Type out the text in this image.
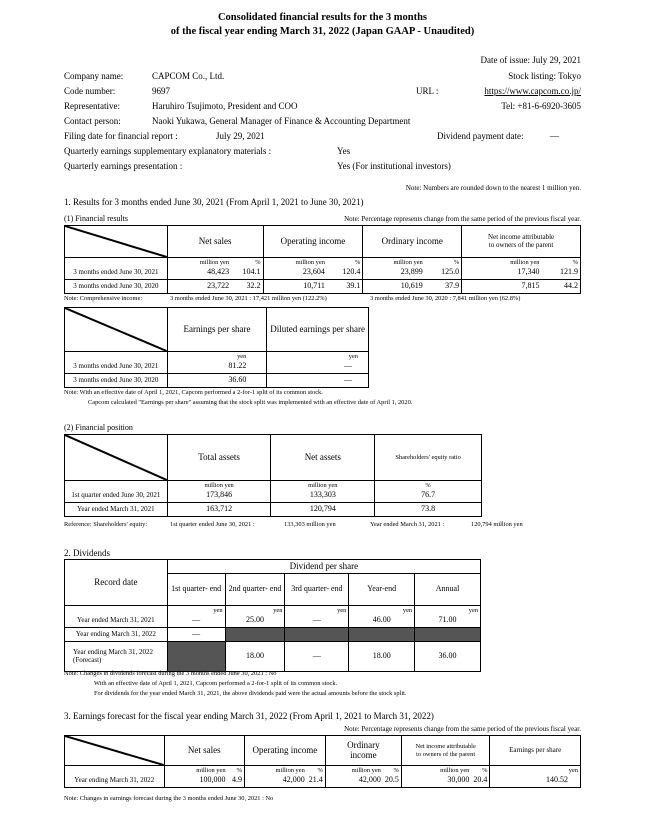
Consolidated financial results for the 3 months
of the fiscal year ending March 31, 2022 (Japan GAAP - Unaudited)
Date of issue: July 29, 2021
Company name:	CAPCOM Co., Ltd.	Stock listing: Tokyo
Code number:	9697	URL :	https://www.capcom.co.jp/
Representative:	Haruhiro Tsujimoto, President and COO	Tel: +81-6-6920-3605
Contact person:	Naoki Yukawa, General Manager of Finance & Accounting Department
Filing date for financial report :	July 29, 2021	Dividend payment date:	―
Quarterly earnings supplementary explanatory materials :	Yes
Quarterly earnings presentation :	Yes (For institutional investors)
Note: Numbers are rounded down to the nearest 1 million yen.
1. Results for 3 months ended June 30, 2021 (From April 1, 2021 to June 30, 2021)
(1) Financial results	Note: Percentage represents change from the same period of the previous fiscal year.
	Net sales		Operating income		Ordinary income		Net income attributable
to owners of the parent	

	million yen	%	million yen	%	million yen	%	million yen	%
3 months ended June 30, 2021	48,423	104.1	23,604	120.4	23,899	125.0	17,340	121.9
3 months ended June 30, 2020	23,722	32.2	10,711	39.1	10,619	37.9	7,815	44.2
Note: Comprehensive income:	3 months ended June 30, 2021 : 17,421 million yen (122.2%)	3 months ended June 30, 2020 : 7,841 million yen (62.8%)
	Earnings per share	Diluted earnings per share
	yen	yen
3 months ended June 30, 2021	81.22	―
3 months ended June 30, 2020	36.60	―
Note: With an effective date of April 1, 2021, Capcom performed a 2-for-1 split of its common stock.
Capcom calculated "Earnings per share" assuming that the stock split was implemented with an effective date of April 1, 2020.
(2) Financial position
	Total assets	Net assets	Shareholders' equity ratio
	million yen	million yen	%
1st quarter ended June 30, 2021	173,846	133,303	76.7
Year ended March 31, 2021	163,712	120,794	73.8
Reference: Shareholders' equity:	1st quarter ended June 30, 2021 :	133,303 million yen	Year ended March 31, 2021 :	120,794 million yen
2. Dividends
Record date	Dividend per share				
	1st quarter- end	2nd quarter- end	3rd quarter- end	Year-end	Annual
	yen	yen	yen	yen	yen
Year ended March 31, 2021	―	25.00	―	46.00	71.00
Year ending March 31, 2022	―				
Year ending March 31, 2022
(Forecast)		18.00	―	18.00	36.00
Note: Changes in dividends forecast during the 3 months ended June 30, 2021 : No
With an effective date of April 1, 2021, Capcom performed a 2-for-1 split of its common stock.
For dividends for the year ended March 31, 2021, the above dividends paid were the actual amounts before the stock split.
3. Earnings forecast for the fiscal year ending March 31, 2022 (From April 1, 2021 to March 31, 2022)
Note: Percentage represents change from the same period of the previous fiscal year.
	Net sales		Operating income		Ordinary
income		Net income attributable
to owners of the parent		Earnings per share
	million yen	%	million yen	%	million yen	%	million yen	%	yen
Year ending March 31, 2022	100,000	4.9	42,000	21.4	42,000	20.5	30,000	20.4	140.52
Note: Changes in earnings forecast during the 3 months ended June 30, 2021 : No
